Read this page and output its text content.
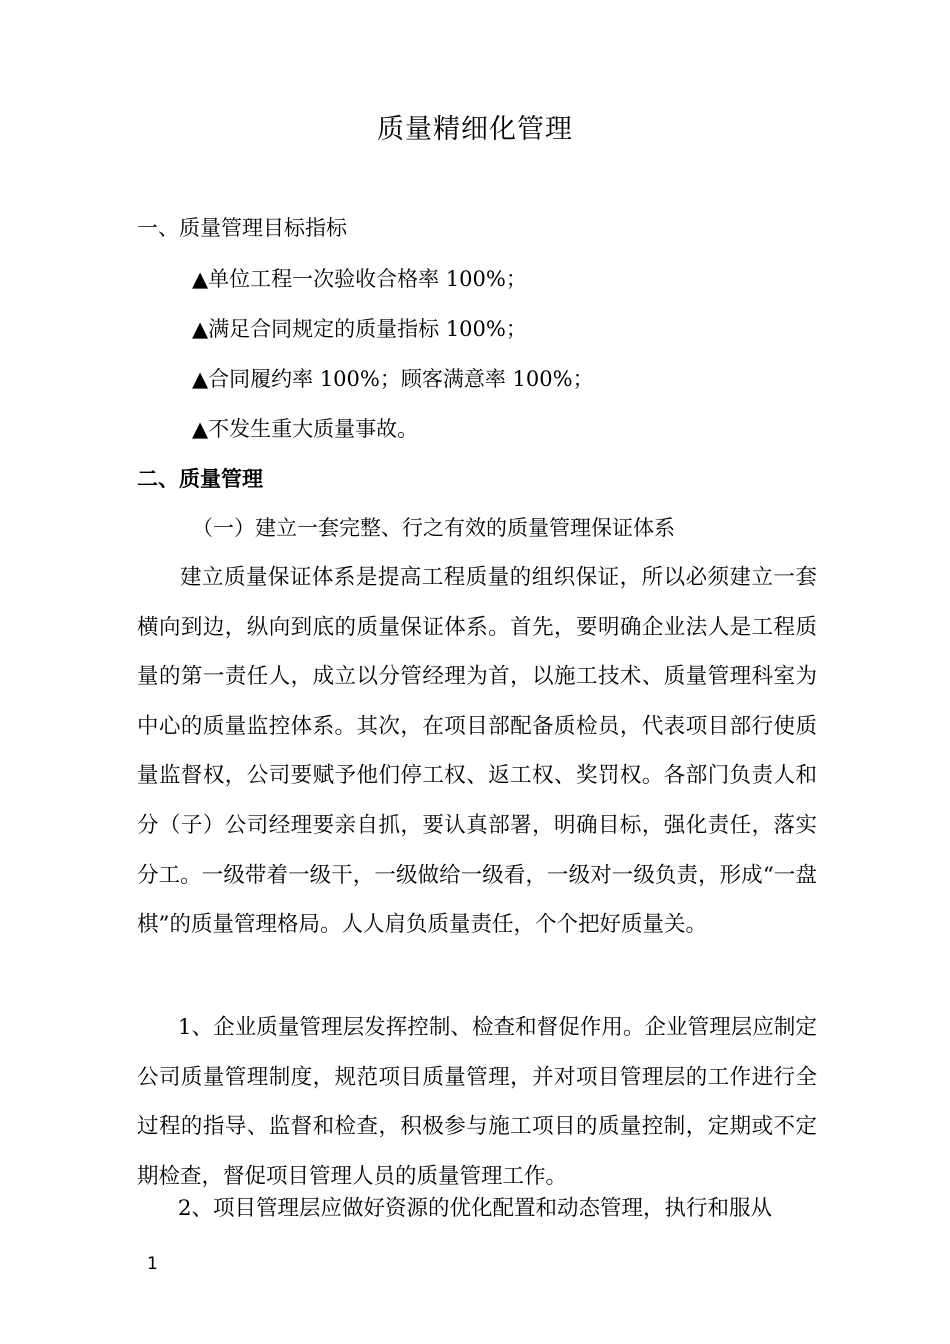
质量精细化管理
一、质量管理目标指标
▲单位工程一次验收合格率 100%；
▲满足合同规定的质量指标 100%；
▲合同履约率 100%；顾客满意率 100%；
▲不发生重大质量事故。
二、质量管理
（一）建立一套完整、行之有效的质量管理保证体系
建立质量保证体系是提高工程质量的组织保证，所以必须建立一套横向到边，纵向到底的质量保证体系。首先，要明确企业法人是工程质量的第一责任人，成立以分管经理为首，以施工技术、质量管理科室为中心的质量监控体系。其次，在项目部配备质检员，代表项目部行使质量监督权，公司要赋予他们停工权、返工权、奖罚权。各部门负责人和分（子）公司经理要亲自抓，要认真部署，明确目标，强化责任，落实分工。一级带着一级干，一级做给一级看，一级对一级负责，形成“一盘棋”的质量管理格局。人人肩负质量责任，个个把好质量关。
1、企业质量管理层发挥控制、检查和督促作用。企业管理层应制定公司质量管理制度，规范项目质量管理，并对项目管理层的工作进行全过程的指导、监督和检查，积极参与施工项目的质量控制，定期或不定期检查，督促项目管理人员的质量管理工作。
2、项目管理层应做好资源的优化配置和动态管理，执行和服从
1
